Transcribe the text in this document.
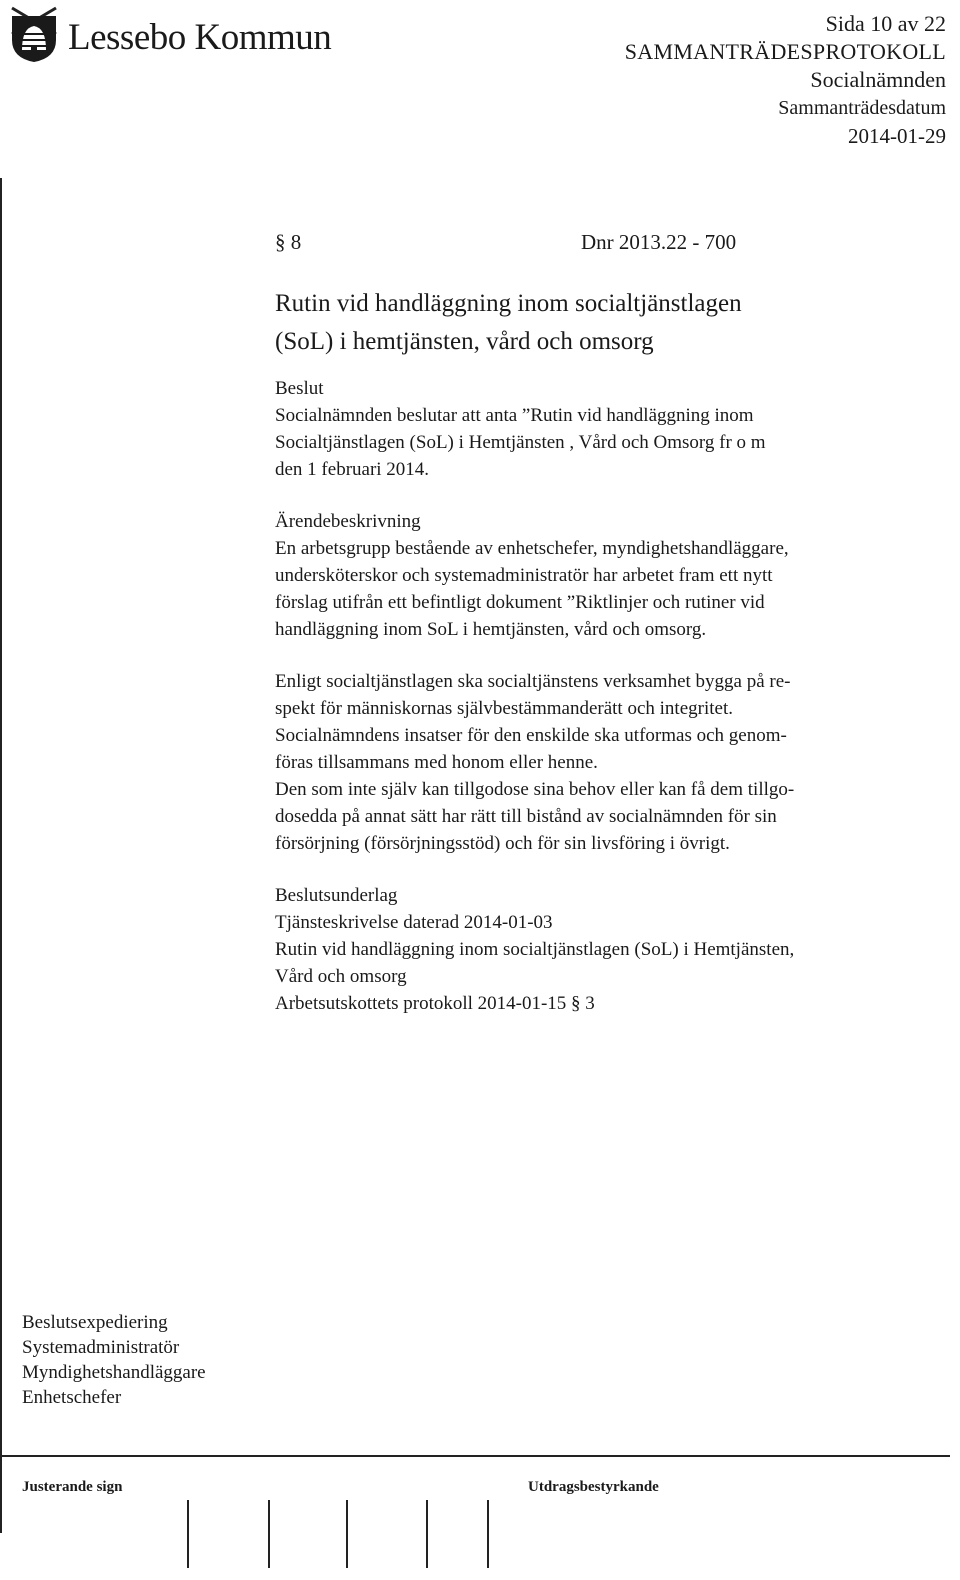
Lessebo Kommun	Sida 10 av 22
SAMMANTRÄDESPROTOKOLL
Socialnämnden
Sammanträdesdatum
2014-01-29
§ 8	Dnr 2013.22 - 700
Rutin vid handläggning inom socialtjänstlagen
(SoL) i hemtjänsten, vård och omsorg
Beslut
Socialnämnden beslutar att anta ”Rutin vid handläggning inom
Socialtjänstlagen (SoL) i Hemtjänsten , Vård och Omsorg fr o m
den 1 februari 2014.
Ärendebeskrivning
En arbetsgrupp bestående av enhetschefer, myndighetshandläggare,
undersköterskor och systemadministratör har arbetet fram ett nytt
förslag utifrån ett befintligt dokument ”Riktlinjer och rutiner vid
handläggning inom SoL i hemtjänsten, vård och omsorg.
Enligt socialtjänstlagen ska socialtjänstens verksamhet bygga på re-
spekt för människornas självbestämmanderätt och integritet.
Socialnämndens insatser för den enskilde ska utformas och genom-
föras tillsammans med honom eller henne.
Den som inte själv kan tillgodose sina behov eller kan få dem tillgo-
dosedda på annat sätt har rätt till bistånd av socialnämnden för sin
försörjning (försörjningsstöd) och för sin livsföring i övrigt.
Beslutsunderlag
Tjänsteskrivelse daterad 2014-01-03
Rutin vid handläggning inom socialtjänstlagen (SoL) i Hemtjänsten,
Vård och omsorg
Arbetsutskottets protokoll 2014-01-15 § 3
Beslutsexpediering
Systemadministratör
Myndighetshandläggare
Enhetschefer
Justerande sign	Utdragsbestyrkande
